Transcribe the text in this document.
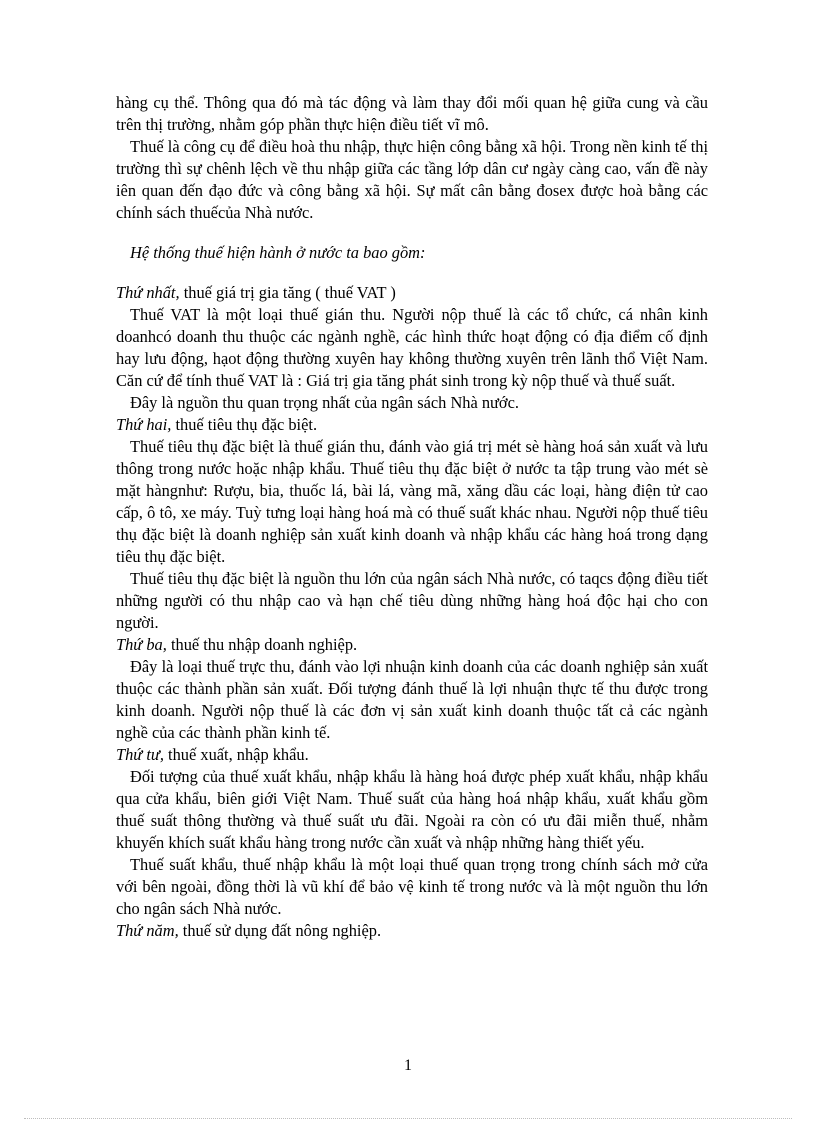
hàng cụ thể. Thông qua đó mà tác động và làm thay đổi mối quan hệ giữa cung và cầu trên thị trường, nhằm góp phần thực hiện điều tiết vĩ mô.

Thuế là công cụ để điều hoà thu nhập, thực hiện công bằng xã hội. Trong nền kinh tế thị trường thì sự chênh lệch về thu nhập giữa các tầng lớp dân cư ngày càng cao, vấn đề này iên quan đến đạo đức và công bằng xã hội. Sự mất cân bằng đosex được hoà bằng các chính sách thuếcủa Nhà nước.

Hệ thống thuế hiện hành ở nước ta bao gồm:

Thứ nhất, thuế giá trị gia tăng ( thuế VAT )

Thuế VAT là một loại thuế gián thu. Người nộp thuế là các tổ chức, cá nhân kinh doanhcó doanh thu thuộc các ngành nghề, các hình thức hoạt động có địa điểm cố định hay lưu động, hạot động thường xuyên hay không thường xuyên trên lãnh thổ Việt Nam. Căn cứ để tính thuế VAT là : Giá trị gia tăng phát sinh trong kỳ nộp thuế và thuế suất.

Đây là nguồn thu quan trọng nhất của ngân sách Nhà nước.

Thứ hai, thuế tiêu thụ đặc biệt.

Thuế tiêu thụ đặc biệt là thuế gián thu, đánh vào giá trị mét sè hàng hoá sản xuất và lưu thông trong nước hoặc nhập khẩu. Thuế tiêu thụ đặc biệt ở nước ta tập trung vào mét sè mặt hàngnhư: Rượu, bia, thuốc lá, bài lá, vàng mã, xăng dầu các loại, hàng điện tử cao cấp, ô tô, xe máy. Tuỳ tưng loại hàng hoá mà có thuế suất khác nhau. Người nộp thuế tiêu thụ đặc biệt là doanh nghiệp sản xuất kinh doanh và nhập khẩu các hàng hoá trong dạng tiêu thụ đặc biệt.

Thuế tiêu thụ đặc biệt là nguồn thu lớn của ngân sách Nhà nước, có taqcs động điều tiết những người có thu nhập cao và hạn chế tiêu dùng những hàng hoá độc hại cho con người.

Thứ ba, thuế thu nhập doanh nghiệp.

Đây là loại thuế trực thu, đánh vào lợi nhuận kinh doanh của các doanh nghiệp sản xuất thuộc các thành phần sản xuất. Đối tượng đánh thuế là lợi nhuận thực tế thu được trong kinh doanh. Người nộp thuế là các đơn vị sản xuất kinh doanh thuộc tất cả các ngành nghề của các thành phần kinh tế.

Thứ tư, thuế xuất, nhập khẩu.

Đối tượng của thuế xuất khẩu, nhập khẩu là hàng hoá được phép xuất khẩu, nhập khẩu qua cửa khẩu, biên giới Việt Nam. Thuế suất của hàng hoá nhập khẩu, xuất khẩu gồm thuế suất thông thường và thuế suất ưu đãi. Ngoài ra còn có ưu đãi miễn thuế, nhằm khuyến khích suất khẩu hàng trong nước cần xuất và nhập những hàng thiết yếu.

Thuế suất khẩu, thuế nhập khẩu là một loại thuế quan trọng trong chính sách mở cửa với bên ngoài, đồng thời là vũ khí để bảo vệ kinh tế trong nước và là một nguồn thu lớn cho ngân sách Nhà nước.

Thứ năm, thuế sử dụng đất nông nghiệp.

1
